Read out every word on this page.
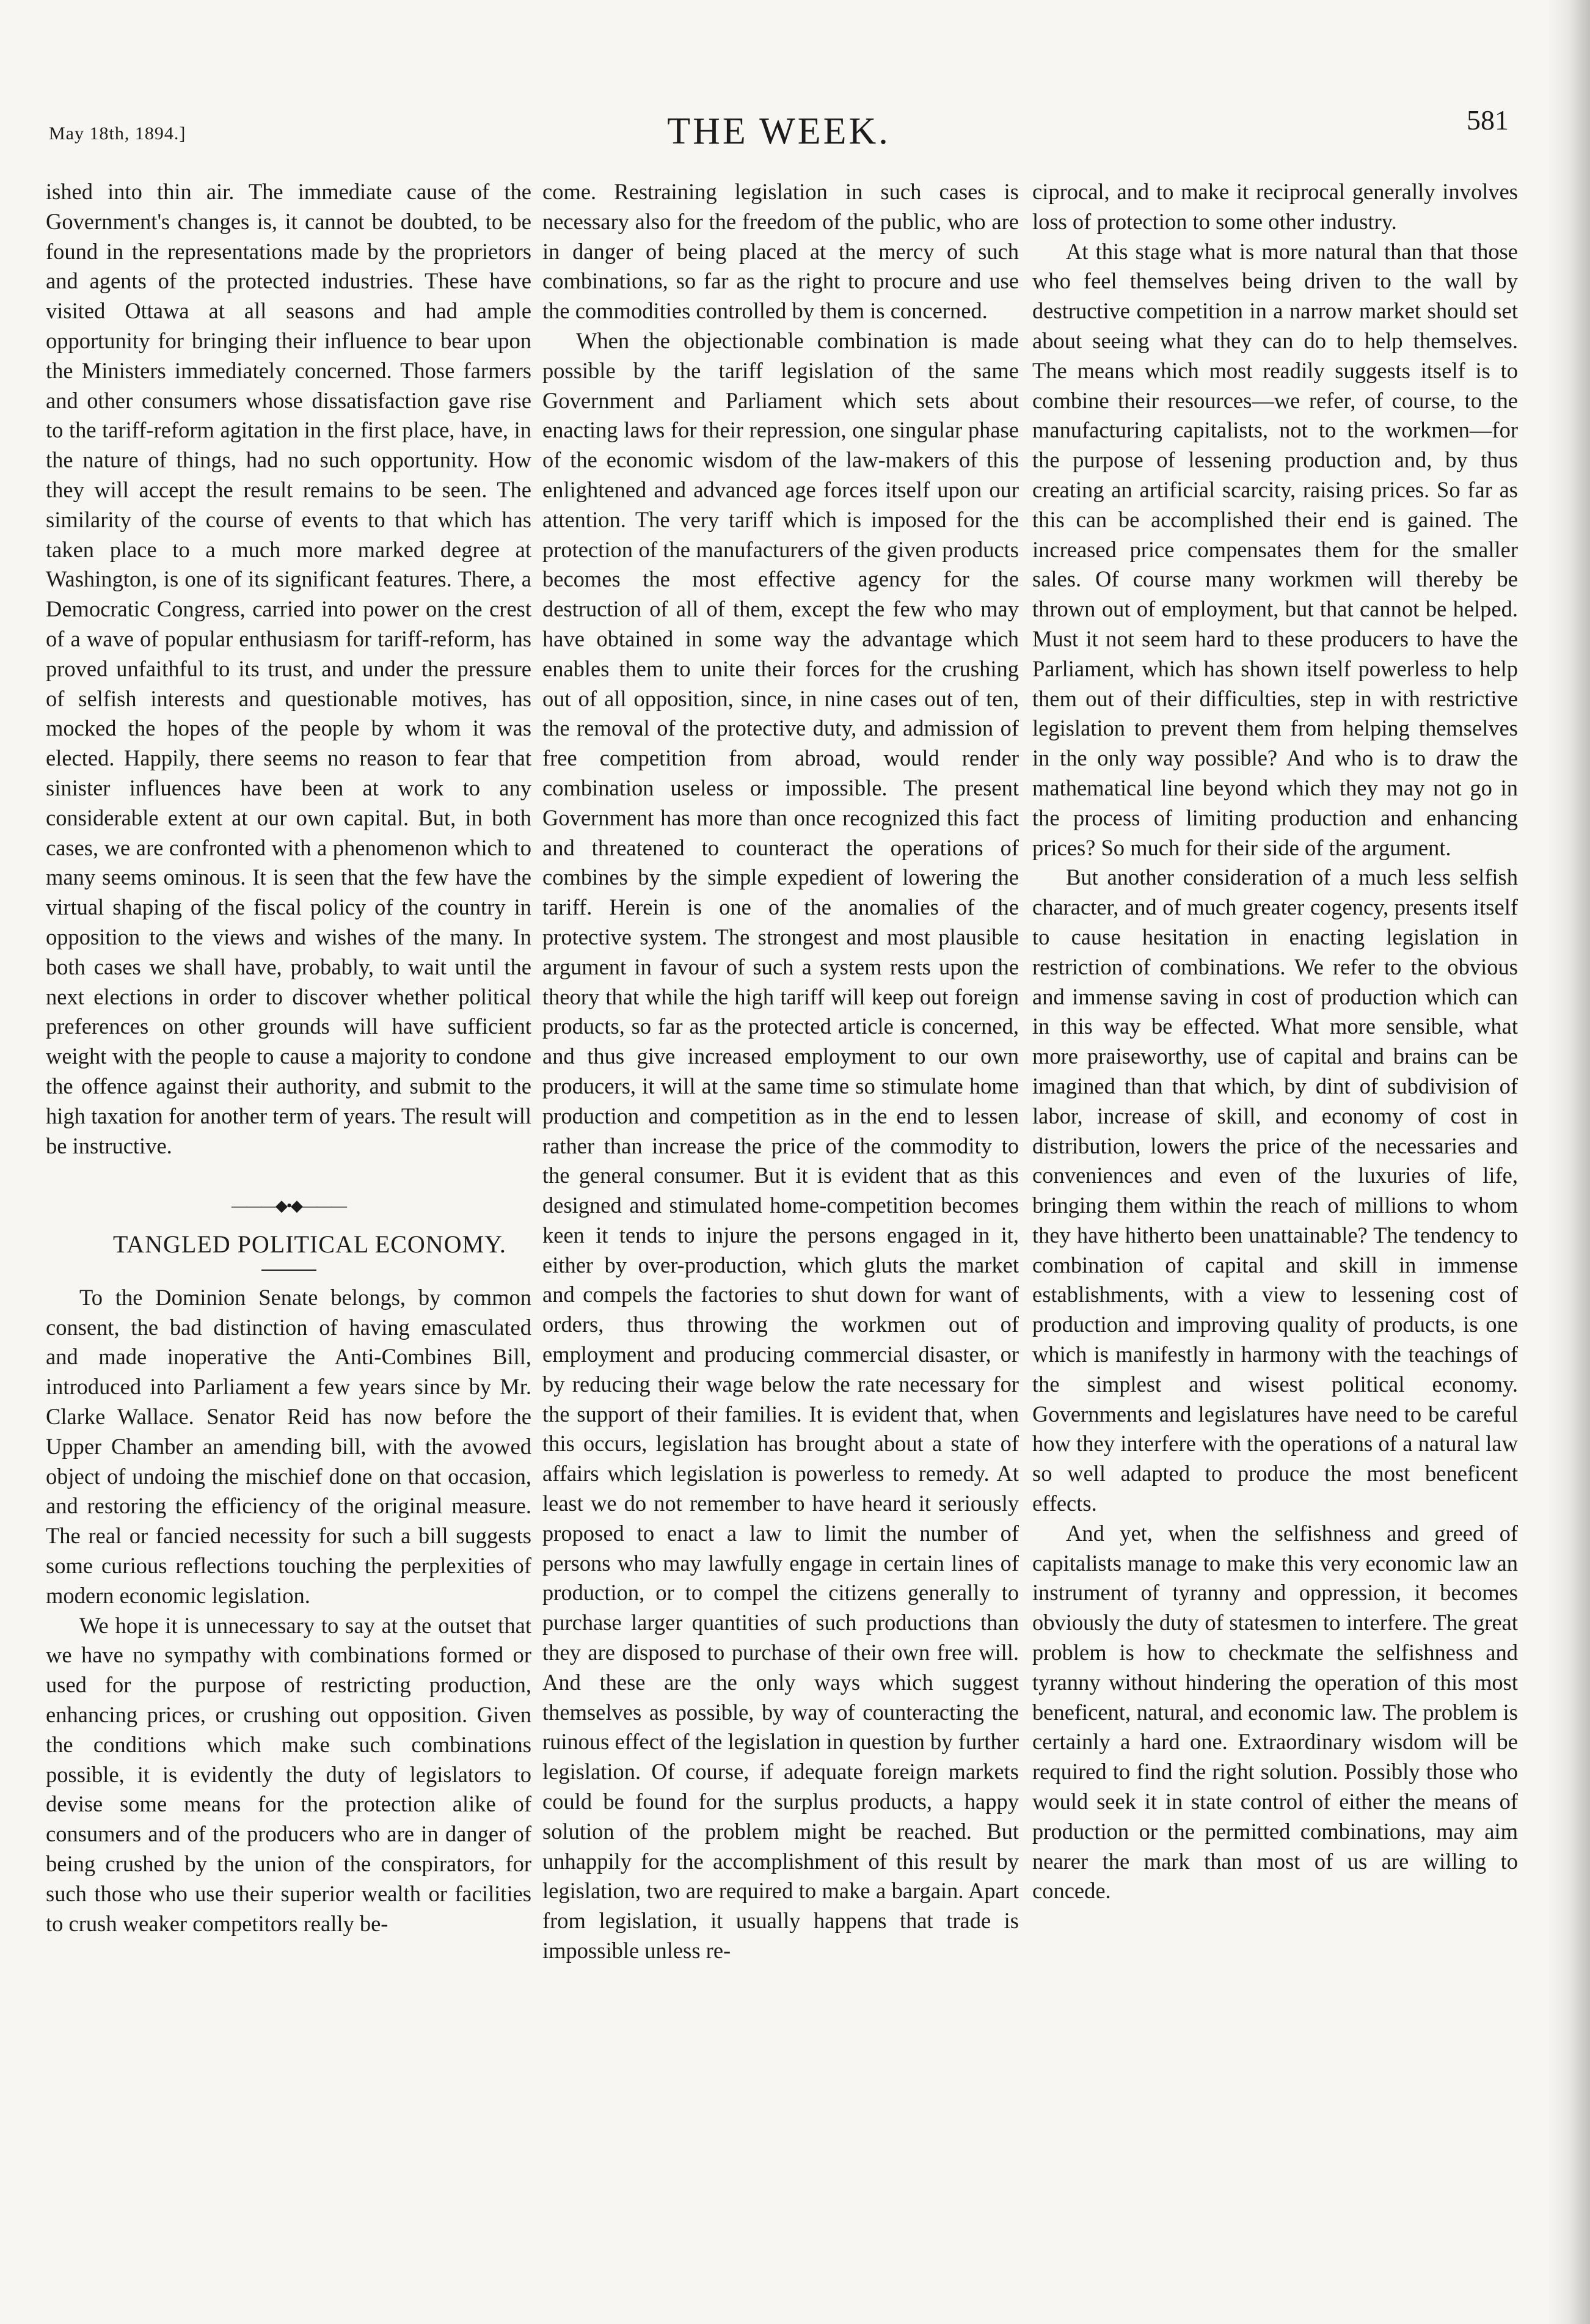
May 18th, 1894.]	THE WEEK.	581

ished into thin air. The immediate cause of the Government's changes is, it cannot be doubted, to be found in the representations made by the proprietors and agents of the protected industries. These have visited Ottawa at all seasons and had ample opportunity for bringing their influence to bear upon the Ministers immediately concerned. Those farmers and other consumers whose dissatisfaction gave rise to the tariff-reform agitation in the first place, have, in the nature of things, had no such opportunity. How they will accept the result remains to be seen. The similarity of the course of events to that which has taken place to a much more marked degree at Washington, is one of its significant features. There, a Democratic Congress, carried into power on the crest of a wave of popular enthusiasm for tariff-reform, has proved unfaithful to its trust, and under the pressure of selfish interests and questionable motives, has mocked the hopes of the people by whom it was elected. Happily, there seems no reason to fear that sinister influences have been at work to any considerable extent at our own capital. But, in both cases, we are confronted with a phenomenon which to many seems ominous. It is seen that the few have the virtual shaping of the fiscal policy of the country in opposition to the views and wishes of the many. In both cases we shall have, probably, to wait until the next elections in order to discover whether political preferences on other grounds will have sufficient weight with the people to cause a majority to condone the offence against their authority, and submit to the high taxation for another term of years. The result will be instructive.

———◆•◆———
TANGLED POLITICAL ECONOMY.

To the Dominion Senate belongs, by common consent, the bad distinction of having emasculated and made inoperative the Anti-Combines Bill, introduced into Parliament a few years since by Mr. Clarke Wallace. Senator Reid has now before the Upper Chamber an amending bill, with the avowed object of undoing the mischief done on that occasion, and restoring the efficiency of the original measure. The real or fancied necessity for such a bill suggests some curious reflections touching the perplexities of modern economic legislation.

We hope it is unnecessary to say at the outset that we have no sympathy with combinations formed or used for the purpose of restricting production, enhancing prices, or crushing out opposition. Given the conditions which make such combinations possible, it is evidently the duty of legislators to devise some means for the protection alike of consumers and of the producers who are in danger of being crushed by the union of the conspirators, for such those who use their superior wealth or facilities to crush weaker competitors really be-

come. Restraining legislation in such cases is necessary also for the freedom of the public, who are in danger of being placed at the mercy of such combinations, so far as the right to procure and use the commodities controlled by them is concerned.

When the objectionable combination is made possible by the tariff legislation of the same Government and Parliament which sets about enacting laws for their repression, one singular phase of the economic wisdom of the law-makers of this enlightened and advanced age forces itself upon our attention. The very tariff which is imposed for the protection of the manufacturers of the given products becomes the most effective agency for the destruction of all of them, except the few who may have obtained in some way the advantage which enables them to unite their forces for the crushing out of all opposition, since, in nine cases out of ten, the removal of the protective duty, and admission of free competition from abroad, would render combination useless or impossible. The present Government has more than once recognized this fact and threatened to counteract the operations of combines by the simple expedient of lowering the tariff. Herein is one of the anomalies of the protective system. The strongest and most plausible argument in favour of such a system rests upon the theory that while the high tariff will keep out foreign products, so far as the protected article is concerned, and thus give increased employment to our own producers, it will at the same time so stimulate home production and competition as in the end to lessen rather than increase the price of the commodity to the general consumer. But it is evident that as this designed and stimulated home-competition becomes keen it tends to injure the persons engaged in it, either by over-production, which gluts the market and compels the factories to shut down for want of orders, thus throwing the workmen out of employment and producing commercial disaster, or by reducing their wage below the rate necessary for the support of their families. It is evident that, when this occurs, legislation has brought about a state of affairs which legislation is powerless to remedy. At least we do not remember to have heard it seriously proposed to enact a law to limit the number of persons who may lawfully engage in certain lines of production, or to compel the citizens generally to purchase larger quantities of such productions than they are disposed to purchase of their own free will. And these are the only ways which suggest themselves as possible, by way of counteracting the ruinous effect of the legislation in question by further legislation. Of course, if adequate foreign markets could be found for the surplus products, a happy solution of the problem might be reached. But unhappily for the accomplishment of this result by legislation, two are required to make a bargain. Apart from legislation, it usually happens that trade is impossible unless re-

ciprocal, and to make it reciprocal generally involves loss of protection to some other industry.

At this stage what is more natural than that those who feel themselves being driven to the wall by destructive competition in a narrow market should set about seeing what they can do to help themselves. The means which most readily suggests itself is to combine their resources—we refer, of course, to the manufacturing capitalists, not to the workmen—for the purpose of lessening production and, by thus creating an artificial scarcity, raising prices. So far as this can be accomplished their end is gained. The increased price compensates them for the smaller sales. Of course many workmen will thereby be thrown out of employment, but that cannot be helped. Must it not seem hard to these producers to have the Parliament, which has shown itself powerless to help them out of their difficulties, step in with restrictive legislation to prevent them from helping themselves in the only way possible? And who is to draw the mathematical line beyond which they may not go in the process of limiting production and enhancing prices? So much for their side of the argument.

But another consideration of a much less selfish character, and of much greater cogency, presents itself to cause hesitation in enacting legislation in restriction of combinations. We refer to the obvious and immense saving in cost of production which can in this way be effected. What more sensible, what more praiseworthy, use of capital and brains can be imagined than that which, by dint of subdivision of labor, increase of skill, and economy of cost in distribution, lowers the price of the necessaries and conveniences and even of the luxuries of life, bringing them within the reach of millions to whom they have hitherto been unattainable? The tendency to combination of capital and skill in immense establishments, with a view to lessening cost of production and improving quality of products, is one which is manifestly in harmony with the teachings of the simplest and wisest political economy. Governments and legislatures have need to be careful how they interfere with the operations of a natural law so well adapted to produce the most beneficent effects.

And yet, when the selfishness and greed of capitalists manage to make this very economic law an instrument of tyranny and oppression, it becomes obviously the duty of statesmen to interfere. The great problem is how to checkmate the selfishness and tyranny without hindering the operation of this most beneficent, natural, and economic law. The problem is certainly a hard one. Extraordinary wisdom will be required to find the right solution. Possibly those who would seek it in state control of either the means of production or the permitted combinations, may aim nearer the mark than most of us are willing to concede.
